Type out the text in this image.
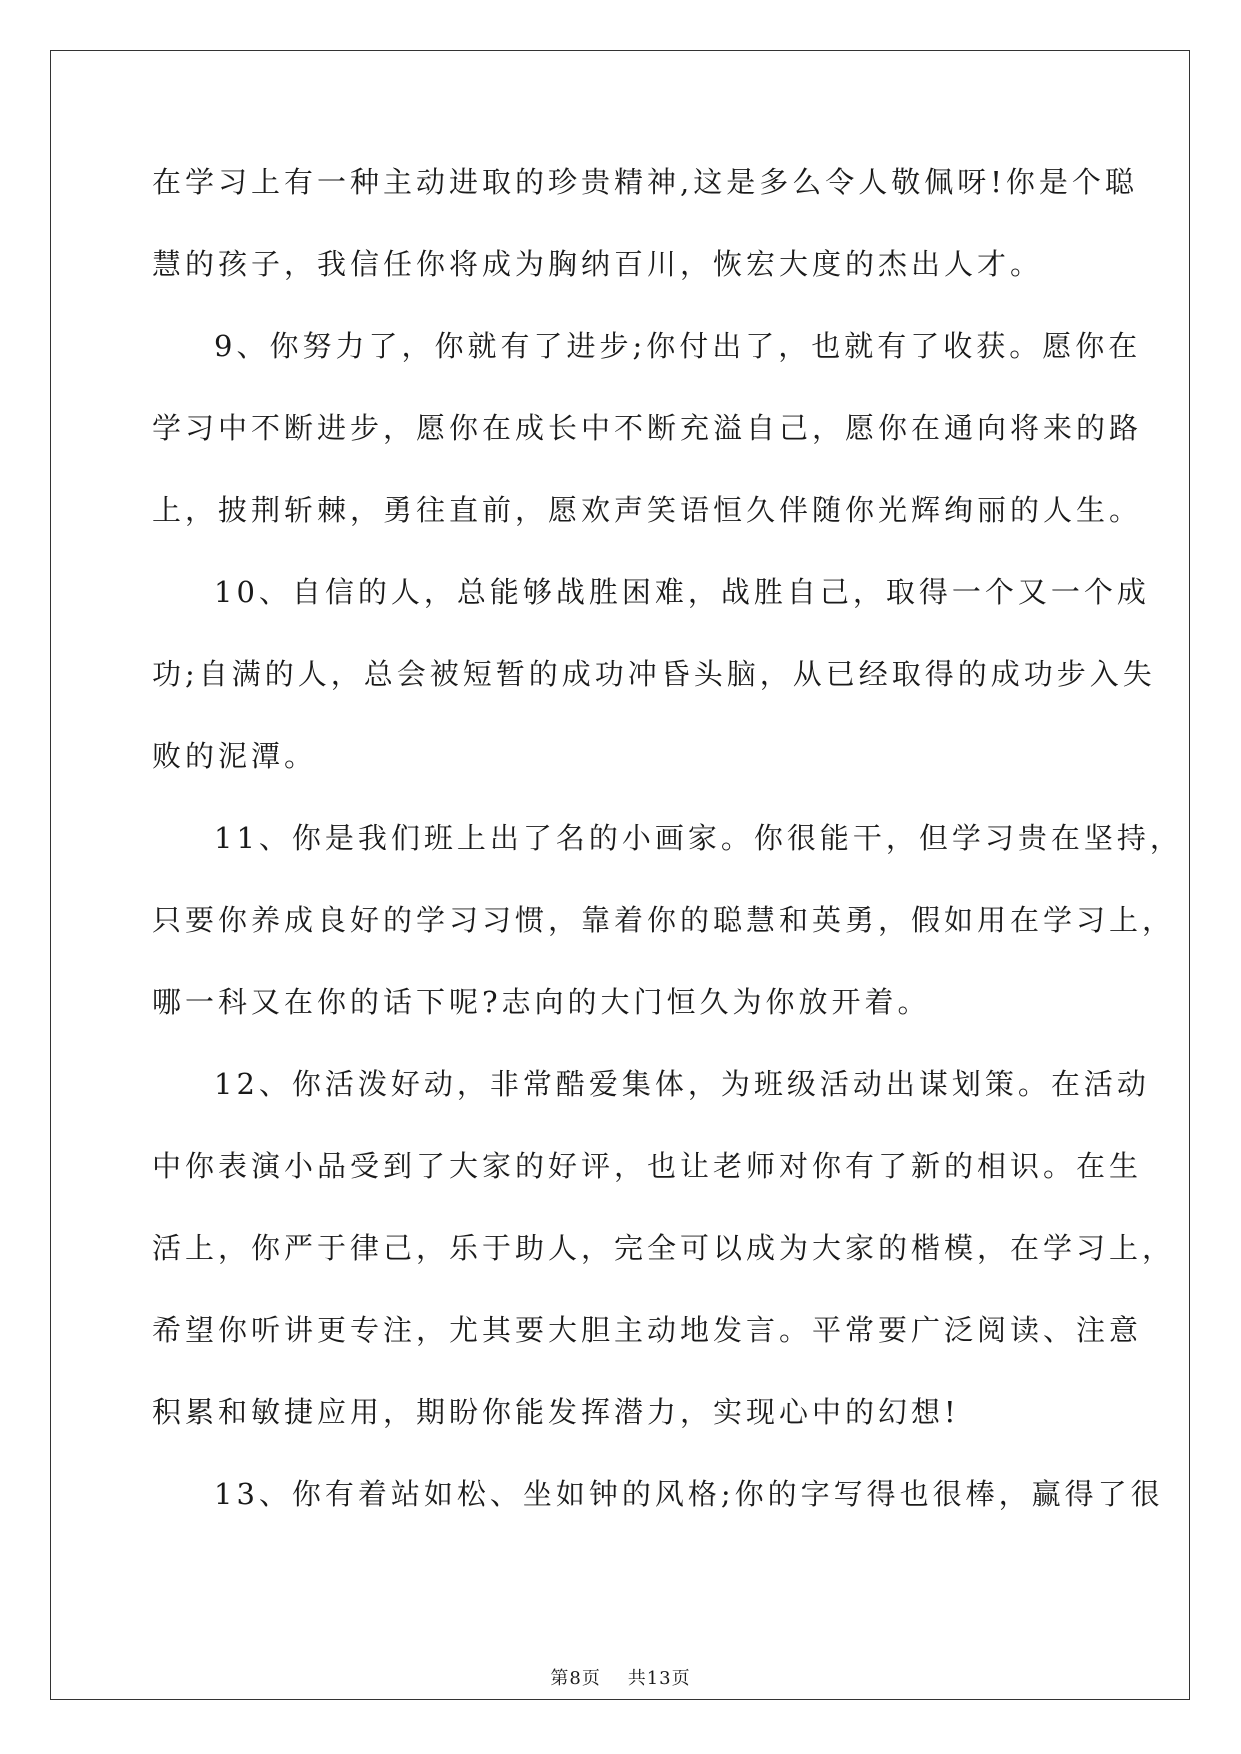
在学习上有一种主动进取的珍贵精神,这是多么令人敬佩呀!你是个聪
慧的孩子，我信任你将成为胸纳百川，恢宏大度的杰出人才。
9、你努力了，你就有了进步;你付出了，也就有了收获。愿你在
学习中不断进步，愿你在成长中不断充溢自己，愿你在通向将来的路
上，披荆斩棘，勇往直前，愿欢声笑语恒久伴随你光辉绚丽的人生。
10、自信的人，总能够战胜困难，战胜自己，取得一个又一个成
功;自满的人，总会被短暂的成功冲昏头脑，从已经取得的成功步入失
败的泥潭。
11、你是我们班上出了名的小画家。你很能干，但学习贵在坚持，
只要你养成良好的学习习惯，靠着你的聪慧和英勇，假如用在学习上，
哪一科又在你的话下呢?志向的大门恒久为你放开着。
12、你活泼好动，非常酷爱集体，为班级活动出谋划策。在活动
中你表演小品受到了大家的好评，也让老师对你有了新的相识。在生
活上，你严于律己，乐于助人，完全可以成为大家的楷模，在学习上，
希望你听讲更专注，尤其要大胆主动地发言。平常要广泛阅读、注意
积累和敏捷应用，期盼你能发挥潜力，实现心中的幻想!
13、你有着站如松、坐如钟的风格;你的字写得也很棒，赢得了很
第8页 共13页
